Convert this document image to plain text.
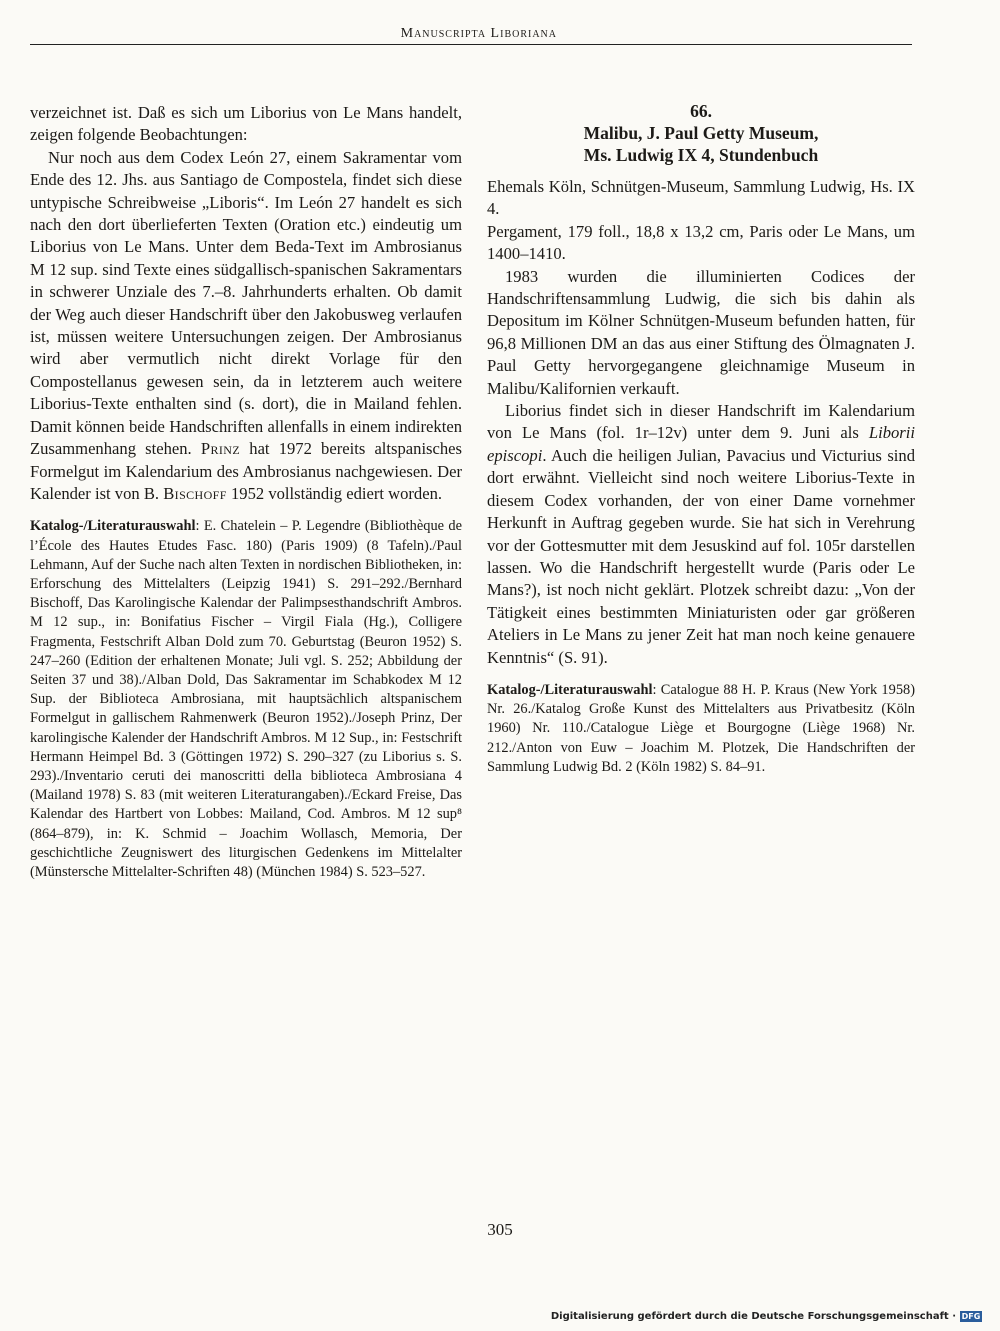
Manuscripta Liboriana

verzeichnet ist. Daß es sich um Liborius von Le Mans handelt, zeigen folgende Beobachtungen:

Nur noch aus dem Codex León 27, einem Sakramentar vom Ende des 12. Jhs. aus Santiago de Compostela, findet sich diese untypische Schreibweise „Liboris“. Im León 27 handelt es sich nach den dort überlieferten Texten (Oration etc.) eindeutig um Liborius von Le Mans. Unter dem Beda-Text im Ambrosianus M 12 sup. sind Texte eines südgallisch-spanischen Sakramentars in schwerer Unziale des 7.–8. Jahrhunderts erhalten. Ob damit der Weg auch dieser Handschrift über den Jakobusweg verlaufen ist, müssen weitere Untersuchungen zeigen. Der Ambrosianus wird aber vermutlich nicht direkt Vorlage für den Compostellanus gewesen sein, da in letzterem auch weitere Liborius-Texte enthalten sind (s. dort), die in Mailand fehlen. Damit können beide Handschriften allenfalls in einem indirekten Zusammenhang stehen. Prinz hat 1972 bereits altspanisches Formelgut im Kalendarium des Ambrosianus nachgewiesen. Der Kalender ist von B. Bischoff 1952 vollständig ediert worden.

Katalog-/Literaturauswahl: E. Chatelein – P. Legendre (Bibliothèque de l’École des Hautes Etudes Fasc. 180) (Paris 1909) (8 Tafeln)./Paul Lehmann, Auf der Suche nach alten Texten in nordischen Bibliotheken, in: Erforschung des Mittelalters (Leipzig 1941) S. 291–292./Bernhard Bischoff, Das Karolingische Kalendar der Palimpsesthandschrift Ambros. M 12 sup., in: Bonifatius Fischer – Virgil Fiala (Hg.), Colligere Fragmenta, Festschrift Alban Dold zum 70. Geburtstag (Beuron 1952) S. 247–260 (Edition der erhaltenen Monate; Juli vgl. S. 252; Abbildung der Seiten 37 und 38)./Alban Dold, Das Sakramentar im Schabkodex M 12 Sup. der Biblioteca Ambrosiana, mit hauptsächlich altspanischem Formelgut in gallischem Rahmenwerk (Beuron 1952)./Joseph Prinz, Der karolingische Kalender der Handschrift Ambros. M 12 Sup., in: Festschrift Hermann Heimpel Bd. 3 (Göttingen 1972) S. 290–327 (zu Liborius s. S. 293)./Inventario ceruti dei manoscritti della biblioteca Ambrosiana 4 (Mailand 1978) S. 83 (mit weiteren Literaturangaben)./Eckard Freise, Das Kalendar des Hartbert von Lobbes: Mailand, Cod. Ambros. M 12 sup⁸ (864–879), in: K. Schmid – Joachim Wollasch, Memoria, Der geschichtliche Zeugniswert des liturgischen Gedenkens im Mittelalter (Münstersche Mittelalter-Schriften 48) (München 1984) S. 523–527.

66.
Malibu, J. Paul Getty Museum,
Ms. Ludwig IX 4, Stundenbuch

Ehemals Köln, Schnütgen-Museum, Sammlung Ludwig, Hs. IX 4.

Pergament, 179 foll., 18,8 x 13,2 cm, Paris oder Le Mans, um 1400–1410.

1983 wurden die illuminierten Codices der Handschriftensammlung Ludwig, die sich bis dahin als Depositum im Kölner Schnütgen-Museum befunden hatten, für 96,8 Millionen DM an das aus einer Stiftung des Ölmagnaten J. Paul Getty hervorgegangene gleichnamige Museum in Malibu/Kalifornien verkauft.

Liborius findet sich in dieser Handschrift im Kalendarium von Le Mans (fol. 1r–12v) unter dem 9. Juni als Liborii episcopi. Auch die heiligen Julian, Pavacius und Victurius sind dort erwähnt. Vielleicht sind noch weitere Liborius-Texte in diesem Codex vorhanden, der von einer Dame vornehmer Herkunft in Auftrag gegeben wurde. Sie hat sich in Verehrung vor der Gottesmutter mit dem Jesuskind auf fol. 105r darstellen lassen. Wo die Handschrift hergestellt wurde (Paris oder Le Mans?), ist noch nicht geklärt. Plotzek schreibt dazu: „Von der Tätigkeit eines bestimmten Miniaturisten oder gar größeren Ateliers in Le Mans zu jener Zeit hat man noch keine genauere Kenntnis“ (S. 91).

Katalog-/Literaturauswahl: Catalogue 88 H. P. Kraus (New York 1958) Nr. 26./Katalog Große Kunst des Mittelalters aus Privatbesitz (Köln 1960) Nr. 110./Catalogue Liège et Bourgogne (Liège 1968) Nr. 212./Anton von Euw – Joachim M. Plotzek, Die Handschriften der Sammlung Ludwig Bd. 2 (Köln 1982) S. 84–91.

305
Digitalisierung gefördert durch die Deutsche Forschungsgemeinschaft · DFG
